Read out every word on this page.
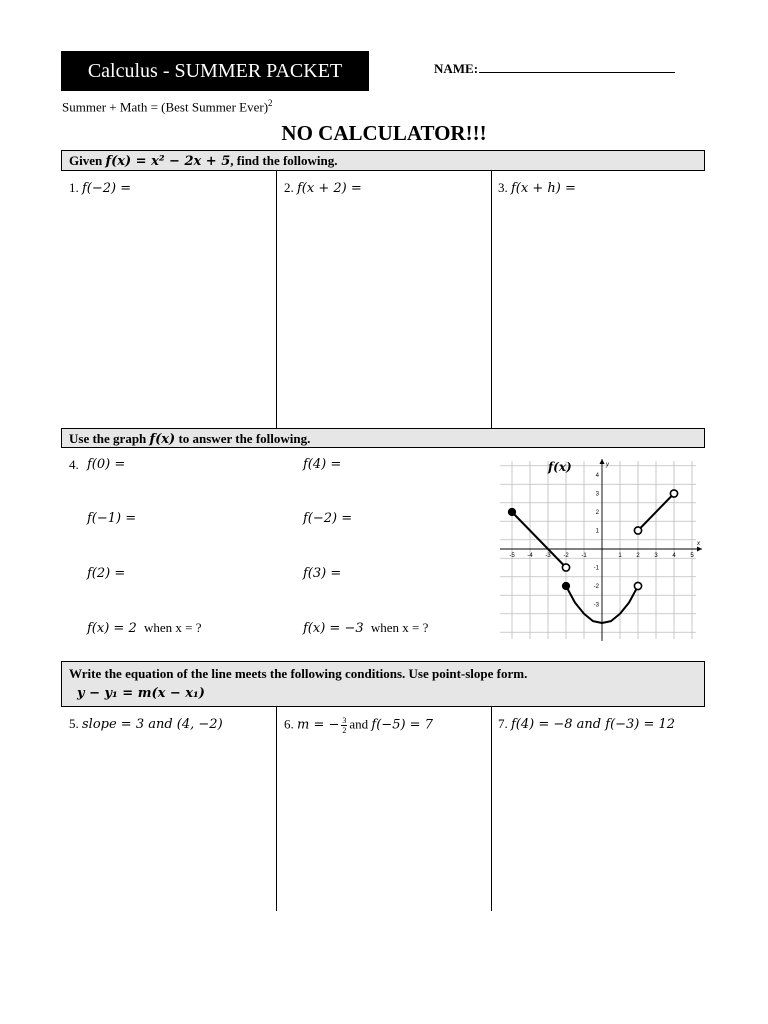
Calculus - SUMMER PACKET	NAME:
Summer + Math = (Best Summer Ever)$^2$
NO CALCULATOR!!!
Given f(x) = x² − 2x + 5, find the following.
1. f(−2) =	2. f(x + 2) =	3. f(x + h) =
Use the graph f(x) to answer the following.
4. f(0) =
f(−1) =
f(2) =
f(x) = 2 when x = ?
f(4) =
f(−2) =
f(3) =
f(x) = −3 when x = ?
-5 -4 -3 -2 -1	1 2 3 4 5
4
3
2
1
-1
-2
-3
f(x)
x
y
Write the equation of the line meets the following conditions. Use point-slope form.
y − y₁ = m(x − x₁)
5. slope = 3 and (4, −2)	6. m = − $\frac{3}{2}$ and f(−5) = 7	7. f(4) = −8 and f(−3) = 12
